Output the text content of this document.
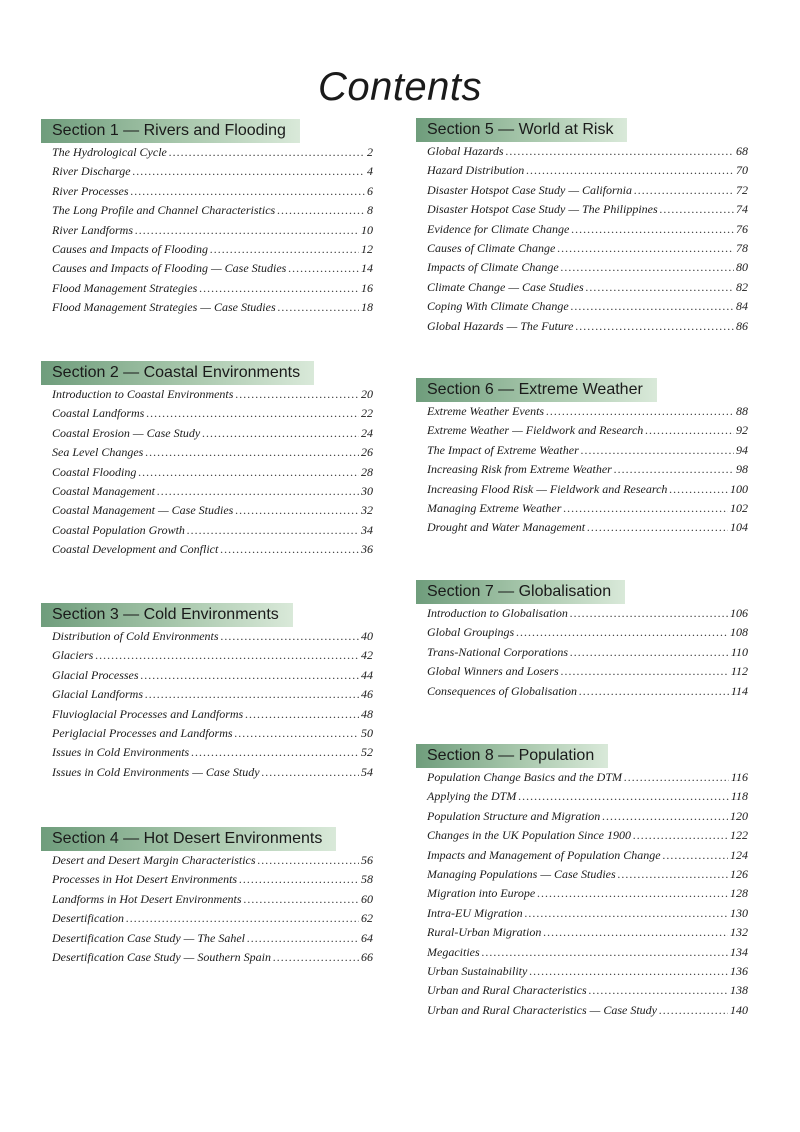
Contents
Section 1 — Rivers and Flooding
The Hydrological Cycle .....	2
River Discharge .....	4
River Processes .....	6
The Long Profile and Channel Characteristics .....	8
River Landforms .....	10
Causes and Impacts of Flooding .....	12
Causes and Impacts of Flooding — Case Studies .....	14
Flood Management Strategies .....	16
Flood Management Strategies — Case Studies .....	18
Section 2 — Coastal Environments
Introduction to Coastal Environments .....	20
Coastal Landforms .....	22
Coastal Erosion — Case Study .....	24
Sea Level Changes .....	26
Coastal Flooding .....	28
Coastal Management .....	30
Coastal Management — Case Studies .....	32
Coastal Population Growth .....	34
Coastal Development and Conflict .....	36
Section 3 — Cold Environments
Distribution of Cold Environments .....	40
Glaciers .....	42
Glacial Processes .....	44
Glacial Landforms .....	46
Fluvioglacial Processes and Landforms .....	48
Periglacial Processes and Landforms .....	50
Issues in Cold Environments .....	52
Issues in Cold Environments — Case Study .....	54
Section 4 — Hot Desert Environments
Desert and Desert Margin Characteristics .....	56
Processes in Hot Desert Environments .....	58
Landforms in Hot Desert Environments .....	60
Desertification .....	62
Desertification Case Study — The Sahel .....	64
Desertification Case Study — Southern Spain .....	66
Section 5 — World at Risk
Global Hazards .....	68
Hazard Distribution .....	70
Disaster Hotspot Case Study — California .....	72
Disaster Hotspot Case Study — The Philippines .....	74
Evidence for Climate Change .....	76
Causes of Climate Change .....	78
Impacts of Climate Change .....	80
Climate Change — Case Studies .....	82
Coping With Climate Change .....	84
Global Hazards — The Future .....	86
Section 6 — Extreme Weather
Extreme Weather Events .....	88
Extreme Weather — Fieldwork and Research .....	92
The Impact of Extreme Weather .....	94
Increasing Risk from Extreme Weather .....	98
Increasing Flood Risk — Fieldwork and Research .....	100
Managing Extreme Weather .....	102
Drought and Water Management .....	104
Section 7 — Globalisation
Introduction to Globalisation .....	106
Global Groupings .....	108
Trans-National Corporations .....	110
Global Winners and Losers .....	112
Consequences of Globalisation .....	114
Section 8 — Population
Population Change Basics and the DTM .....	116
Applying the DTM .....	118
Population Structure and Migration .....	120
Changes in the UK Population Since 1900 .....	122
Impacts and Management of Population Change .....	124
Managing Populations — Case Studies .....	126
Migration into Europe .....	128
Intra-EU Migration .....	130
Rural-Urban Migration .....	132
Megacities .....	134
Urban Sustainability .....	136
Urban and Rural Characteristics .....	138
Urban and Rural Characteristics — Case Study .....	140
